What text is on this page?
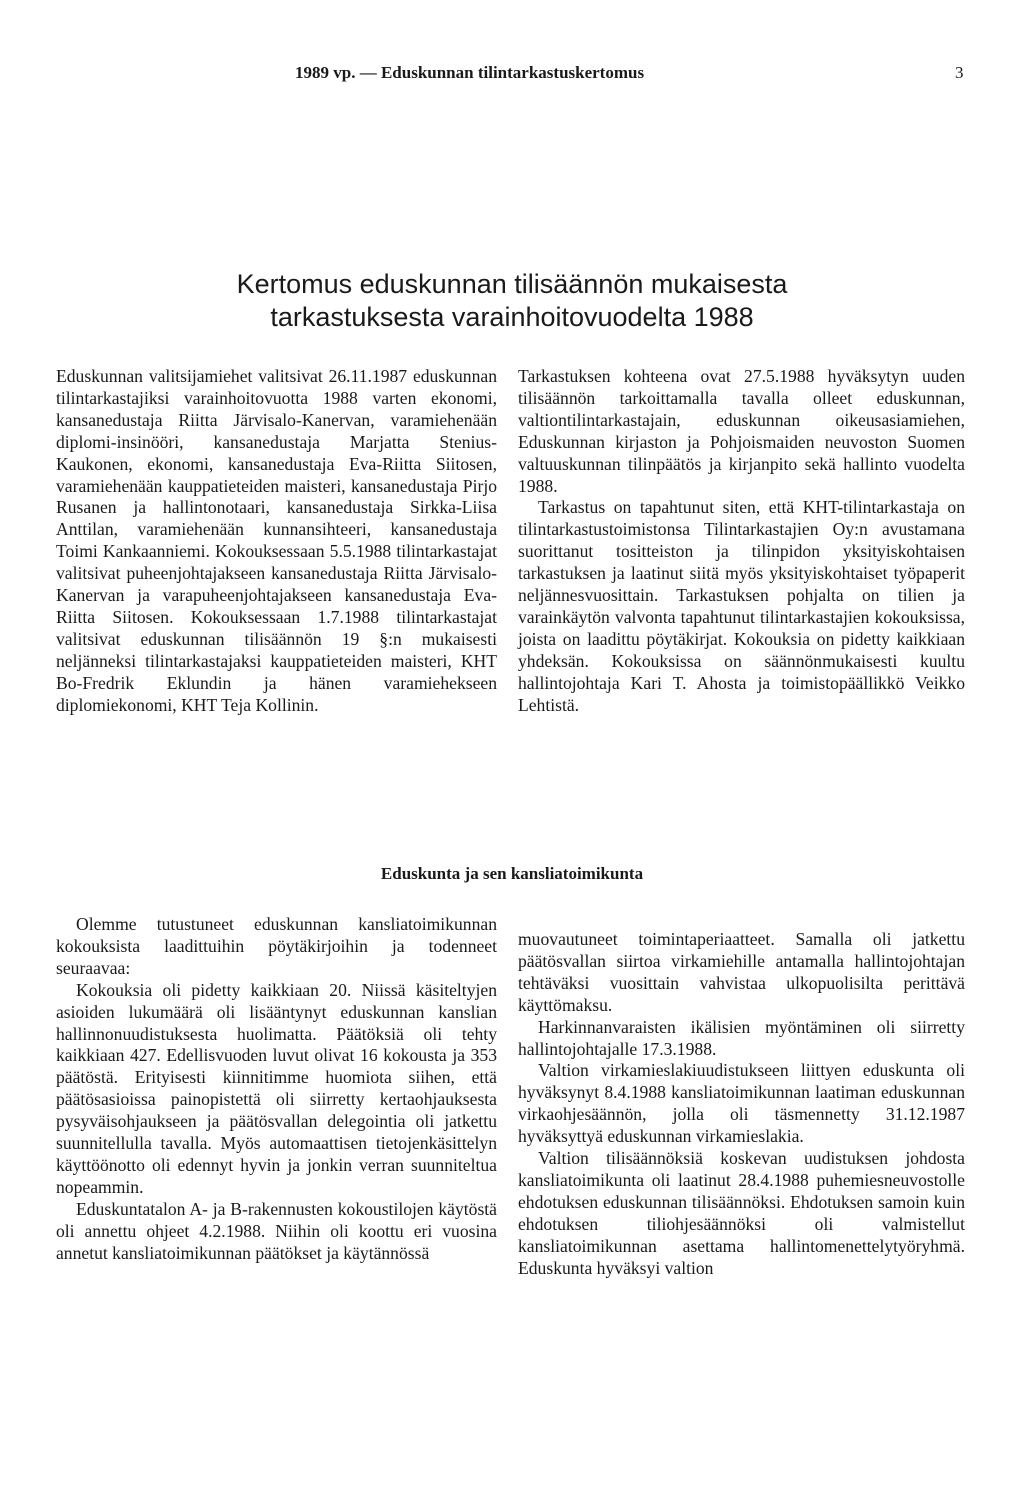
1989 vp. — Eduskunnan tilintarkastuskertomus	3
Kertomus eduskunnan tilisäännön mukaisesta
tarkastuksesta varainhoitovuodelta 1988

Eduskunnan valitsijamiehet valitsivat 26.11.1987 eduskunnan tilintarkastajiksi varainhoitovuotta 1988 varten ekonomi, kansanedustaja Riitta Järvisalo-Kanervan, varamiehenään diplomi-insinööri, kansanedustaja Marjatta Stenius-Kaukonen, ekonomi, kansanedustaja Eva-Riitta Siitosen, varamiehenään kauppatieteiden maisteri, kansanedustaja Pirjo Rusanen ja hallintonotaari, kansanedustaja Sirkka-Liisa Anttilan, varamiehenään kunnansihteeri, kansanedustaja Toimi Kankaanniemi. Kokouksessaan 5.5.1988 tilintarkastajat valitsivat puheenjohtajakseen kansanedustaja Riitta Järvisalo-Kanervan ja varapuheenjohtajakseen kansanedustaja Eva-Riitta Siitosen. Kokouksessaan 1.7.1988 tilintarkastajat valitsivat eduskunnan tilisäännön 19 §:n mukaisesti neljänneksi tilintarkastajaksi kauppatieteiden maisteri, KHT Bo-Fredrik Eklundin ja hänen varamiehekseen diplomiekonomi, KHT Teja Kollinin.

Tarkastuksen kohteena ovat 27.5.1988 hyväksytyn uuden tilisäännön tarkoittamalla tavalla olleet eduskunnan, valtiontilintarkastajain, eduskunnan oikeusasiamiehen, Eduskunnan kirjaston ja Pohjoismaiden neuvoston Suomen valtuuskunnan tilinpäätös ja kirjanpito sekä hallinto vuodelta 1988.

Tarkastus on tapahtunut siten, että KHT-tilintarkastaja on tilintarkastustoimistonsa Tilintarkastajien Oy:n avustamana suorittanut tositteiston ja tilinpidon yksityiskohtaisen tarkastuksen ja laatinut siitä myös yksityiskohtaiset työpaperit neljännesvuosittain. Tarkastuksen pohjalta on tilien ja varainkäytön valvonta tapahtunut tilintarkastajien kokouksissa, joista on laadittu pöytäkirjat. Kokouksia on pidetty kaikkiaan yhdeksän. Kokouksissa on säännönmukaisesti kuultu hallintojohtaja Kari T. Ahosta ja toimistopäällikkö Veikko Lehtistä.

Eduskunta ja sen kansliatoimikunta

Olemme tutustuneet eduskunnan kansliatoimikunnan kokouksista laadittuihin pöytäkirjoihin ja todenneet seuraavaa:

Kokouksia oli pidetty kaikkiaan 20. Niissä käsiteltyjen asioiden lukumäärä oli lisääntynyt eduskunnan kanslian hallinnonuudistuksesta huolimatta. Päätöksiä oli tehty kaikkiaan 427. Edellisvuoden luvut olivat 16 kokousta ja 353 päätöstä. Erityisesti kiinnitimme huomiota siihen, että päätösasioissa painopistettä oli siirretty kertaohjauksesta pysyväisohjaukseen ja päätösvallan delegointia oli jatkettu suunnitellulla tavalla. Myös automaattisen tietojenkäsittelyn käyttöönotto oli edennyt hyvin ja jonkin verran suunniteltua nopeammin.

Eduskuntatalon A- ja B-rakennusten kokoustilojen käytöstä oli annettu ohjeet 4.2.1988. Niihin oli koottu eri vuosina annetut kansliatoimikunnan päätökset ja käytännössä

muovautuneet toimintaperiaatteet. Samalla oli jatkettu päätösvallan siirtoa virkamiehille antamalla hallintojohtajan tehtäväksi vuosittain vahvistaa ulkopuolisilta perittävä käyttömaksu.

Harkinnanvaraisten ikälisien myöntäminen oli siirretty hallintojohtajalle 17.3.1988.

Valtion virkamieslakiuudistukseen liittyen eduskunta oli hyväksynyt 8.4.1988 kansliatoimikunnan laatiman eduskunnan virkaohjesäännön, jolla oli täsmennetty 31.12.1987 hyväksyttyä eduskunnan virkamieslakia.

Valtion tilisäännöksiä koskevan uudistuksen johdosta kansliatoimikunta oli laatinut 28.4.1988 puhemiesneuvostolle ehdotuksen eduskunnan tilisäännöksi. Ehdotuksen samoin kuin ehdotuksen tiliohjesäännöksi oli valmistellut kansliatoimikunnan asettama hallintomenettelytyöryhmä. Eduskunta hyväksyi valtion
